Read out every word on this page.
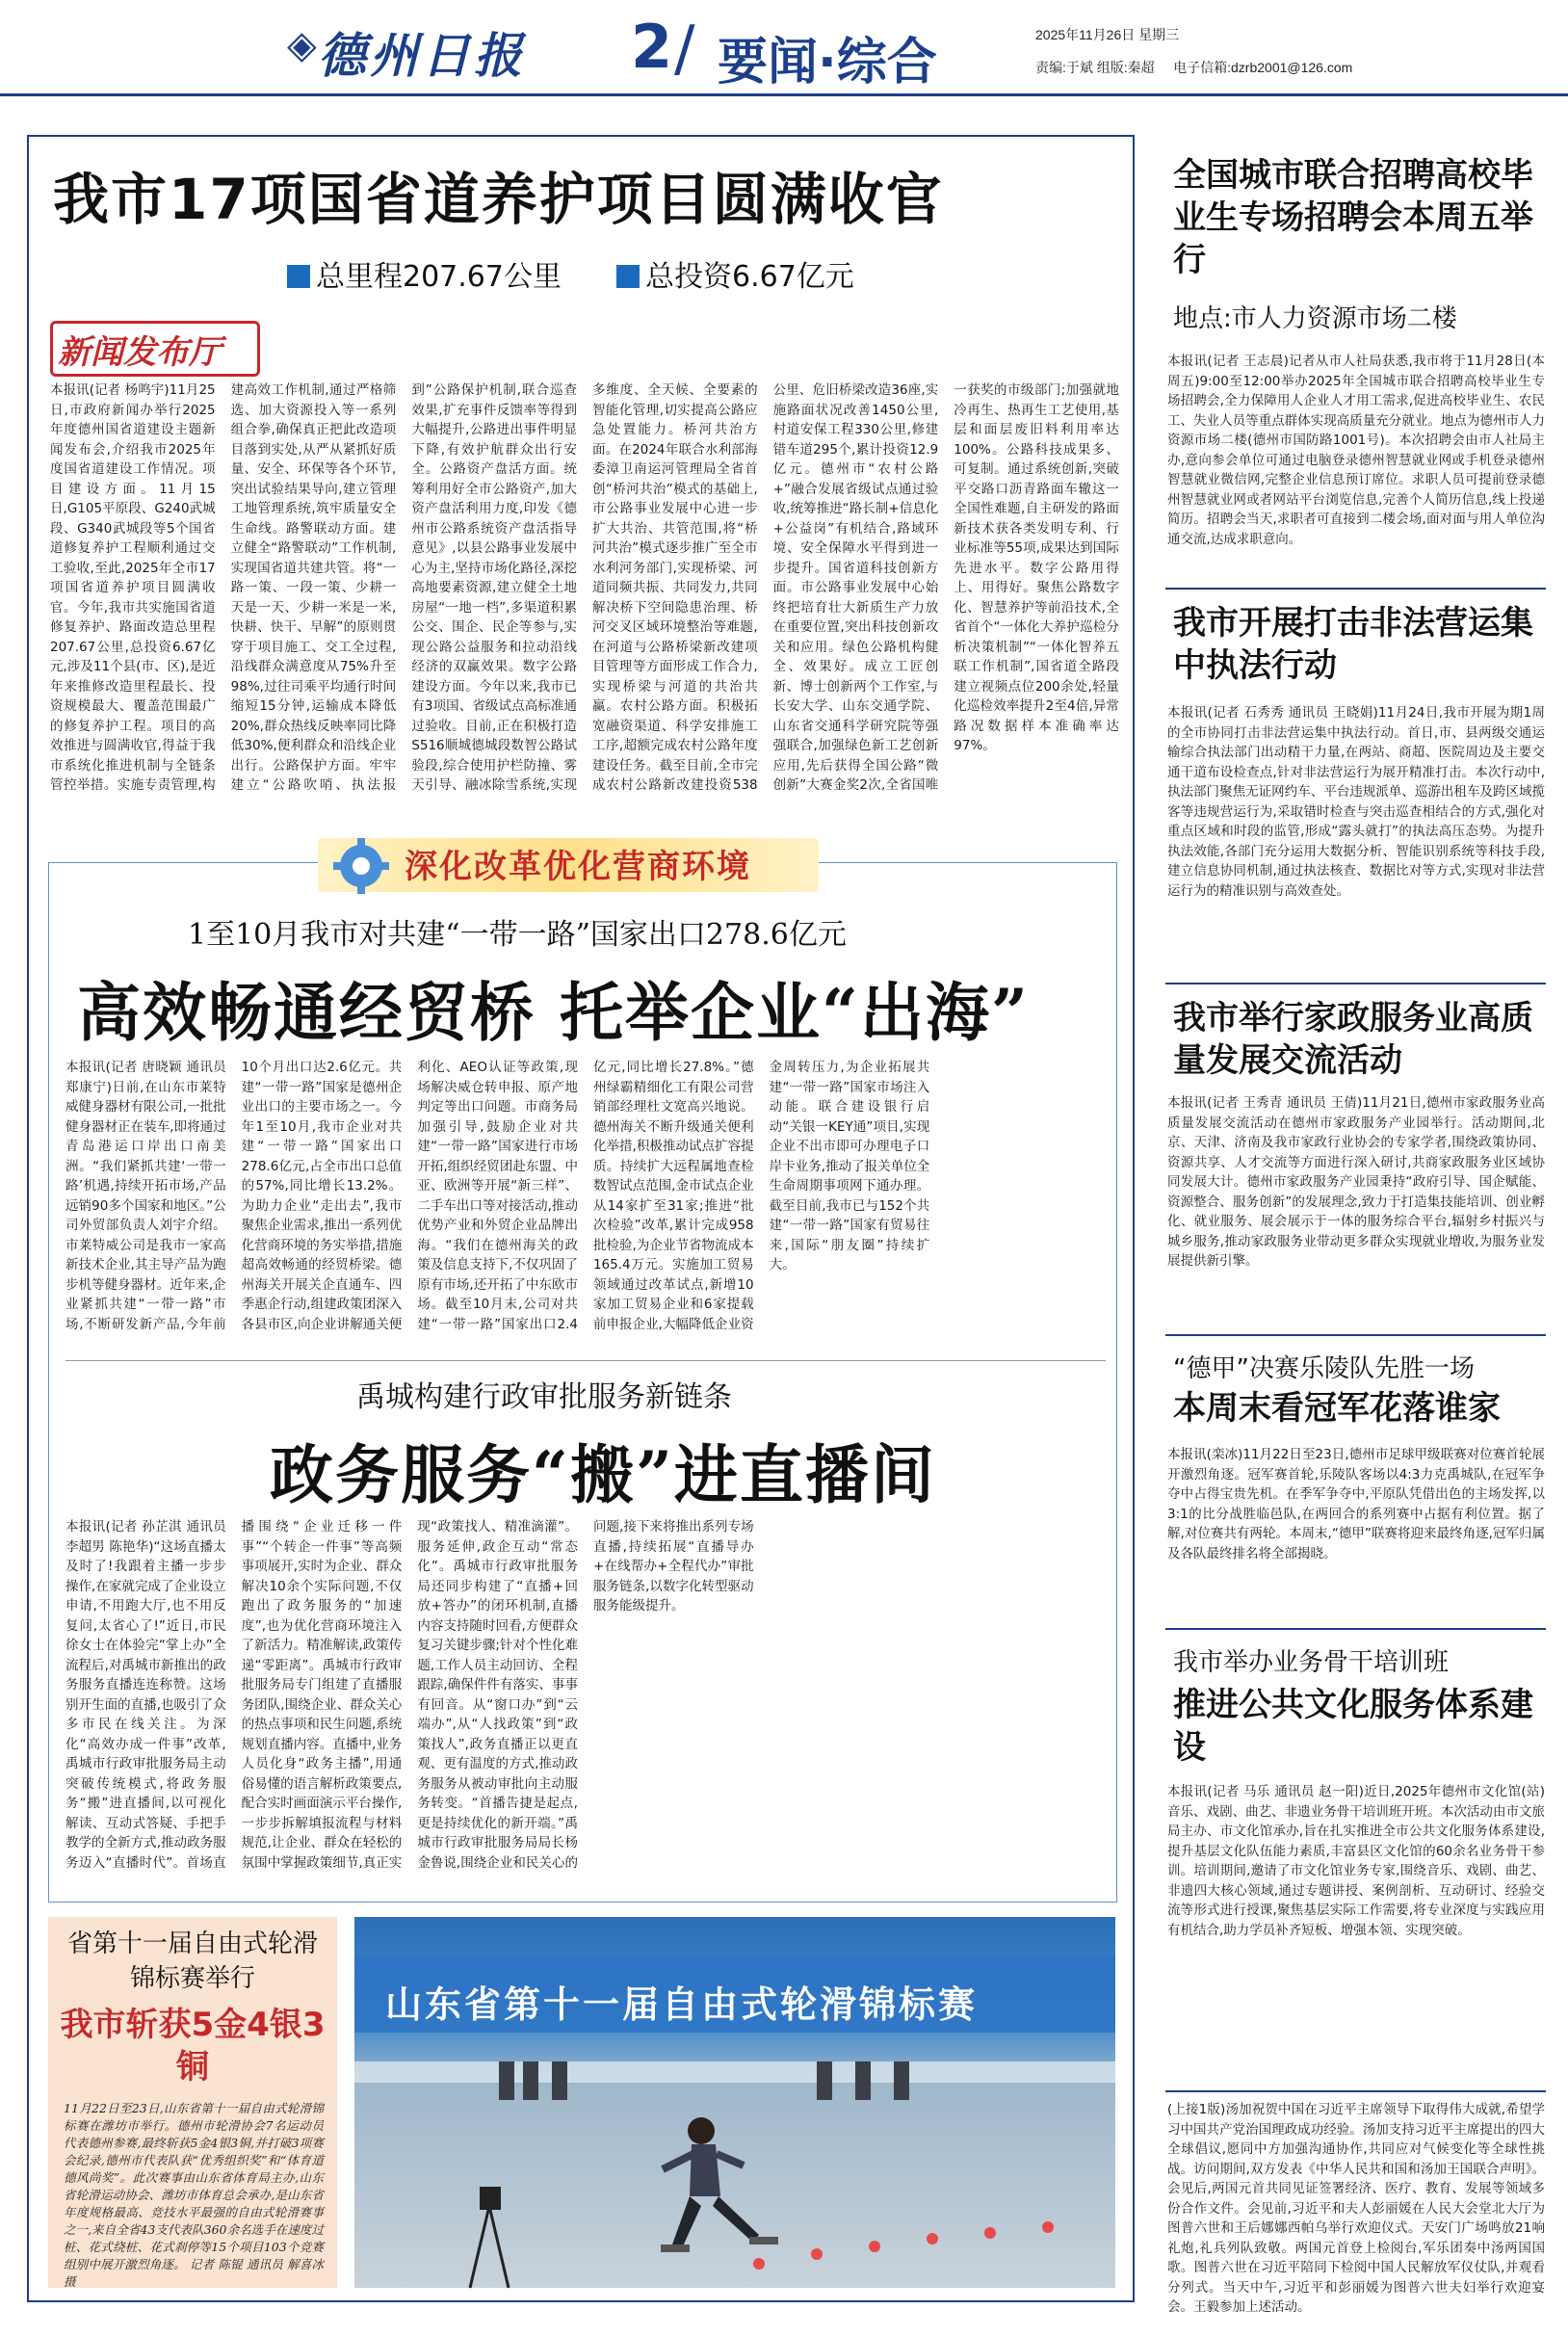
◈ 德州日报 2 / 要闻·综合	2025年11月26日 星期三
责编:于斌 组版:秦超 电子信箱:dzrb2001@126.com
我市17项国省道养护项目圆满收官
总里程207.67公里	总投资6.67亿元
新闻发布厅
本报讯(记者 杨鸣宇)11月25日,市政府新闻办举行2025年度德州国省道建设主题新闻发布会,介绍我市2025年度国省道建设工作情况。项目建设方面。11月15日,G105平原段、G240武城段、G340武城段等5个国省道修复养护工程顺利通过交工验收,至此,2025年全市17项国省道养护项目圆满收官。今年,我市共实施国省道修复养护、路面改造总里程207.67公里,总投资6.67亿元,涉及11个县(市、区),是近年来推修改造里程最长、投资规模最大、覆盖范围最广的修复养护工程。项目的高效推进与圆满收官,得益于我市系统化推进机制与全链条管控举措。实施专责管理,构建高效工作机制,通过严格筛选、加大资源投入等一系列组合拳,确保真正把此改造项目落到实处,从严从紧抓好质量、安全、环保等各个环节,突出试验结果导向,建立管理工地管理系统,筑牢质量安全生命线。路警联动方面。建立健全“路警联动”工作机制,实现国省道共建共管。将“一路一策、一段一策、少耕一天是一天、少耕一米是一米,快耕、快干、早解”的原则贯穿于项目施工、交工全过程,沿线群众满意度从75%升至98%,过往司乘平均通行时间缩短15分钟,运输成本降低20%,群众热线反映率同比降低30%,便利群众和沿线企业出行。公路保护方面。牢牢建立“公路吹哨、执法报到”公路保护机制,联合巡查效果,扩充事件反馈率等得到大幅提升,公路进出事件明显下降,有效护航群众出行安全。公路资产盘活方面。统筹利用好全市公路资产,加大资产盘活利用力度,印发《德州市公路系统资产盘活指导意见》,以县公路事业发展中心为主,坚持市场化路径,深挖高地要素资源,建立健全土地房屋“一地一档”,多渠道积累公交、围企、民企等参与,实现公路公益服务和拉动沿线经济的双赢效果。数字公路建设方面。今年以来,我市已有3项国、省级试点高标准通过验收。目前,正在积极打造S516顺城德城段数智公路试验段,综合使用护栏防撞、雾天引导、融冰除雪系统,实现多维度、全天候、全要素的智能化管理,切实提高公路应急处置能力。桥河共治方面。在2024年联合水利部海委漳卫南运河管理局全省首创“桥河共治”模式的基础上,市公路事业发展中心进一步扩大共治、共管范围,将“桥河共治”模式逐步推广至全市水利河务部门,实现桥梁、河道同频共振、共同发力,共同解决桥下空间隐患治理、桥河交叉区域环境整治等难题,在河道与公路桥梁新改建项目管理等方面形成工作合力,实现桥梁与河道的共治共赢。农村公路方面。积极拓宽融资渠道、科学安排施工工序,超额完成农村公路年度建设任务。截至目前,全市完成农村公路新改建投资538公里、危旧桥梁改造36座,实施路面状况改善1450公里,村道安保工程330公里,修建错车道295个,累计投资12.9亿元。德州市“农村公路+”融合发展省级试点通过验收,统筹推进“路长制+信息化+公益岗”有机结合,路域环境、安全保障水平得到进一步提升。国省道科技创新方面。市公路事业发展中心始终把培育壮大新质生产力放在重要位置,突出科技创新攻关和应用。绿色公路机构健全、效果好。成立工匠创新、博士创新两个工作室,与长安大学、山东交通学院、山东省交通科学研究院等强强联合,加强绿色新工艺创新应用,先后获得全国公路“微创新”大赛金奖2次,全省国唯一获奖的市级部门;加强就地冷再生、热再生工艺使用,基层和面层废旧料利用率达100%。公路科技成果多、可复制。通过系统创新,突破平交路口沥青路面车辙这一全国性难题,自主研发的路面新技术获各类发明专利、行业标准等55项,成果达到国际先进水平。数字公路用得上、用得好。聚焦公路数字化、智慧养护等前沿技术,全省首个“一体化大养护巡检分析决策机制”“一体化智养五联工作机制”,国省道全路段建立视频点位200余处,轻量化巡检效率提升2至4倍,异常路况数据样本准确率达97%。
深化改革优化营商环境
1至10月我市对共建“一带一路”国家出口278.6亿元
高效畅通经贸桥 托举企业“出海”
本报讯(记者 唐晓颖 通讯员 郑康宁)日前,在山东市莱特威健身器材有限公司,一批批健身器材正在装车,即将通过青岛港运口岸出口南美洲。“我们紧抓共建‘一带一路’机遇,持续开拓市场,产品远销90多个国家和地区。”公司外贸部负责人刘宇介绍。市莱特威公司是我市一家高新技术企业,其主导产品为跑步机等健身器材。近年来,企业紧抓共建“一带一路”市场,不断研发新产品,今年前10个月出口达2.6亿元。共建“一带一路”国家是德州企业出口的主要市场之一。今年1至10月,我市企业对共建“一带一路”国家出口278.6亿元,占全市出口总值的57%,同比增长13.2%。为助力企业“走出去”,我市聚焦企业需求,推出一系列优化营商环境的务实举措,措施超高效畅通的经贸桥梁。德州海关开展关企直通车、四季惠企行动,组建政策团深入各县市区,向企业讲解通关便利化、AEO认证等政策,现场解决威仓转申报、原产地判定等出口问题。市商务局加强引导,鼓励企业对共建“一带一路”国家进行市场开拓,组织经贸团赴东盟、中亚、欧洲等开展“新三样”、二手车出口等对接活动,推动优势产业和外贸企业品牌出海。“我们在德州海关的政策及信息支持下,不仅巩固了原有市场,还开拓了中东欧市场。截至10月末,公司对共建“一带一路”国家出口2.4亿元,同比增长27.8%。”德州绿霸精细化工有限公司营销部经理杜文宽高兴地说。德州海关不断升级通关便利化举措,积极推动试点扩容提质。持续扩大远程属地查检数智试点范围,金市试点企业从14家扩至31家;推进“批次检验”改革,累计完成958批检验,为企业节省物流成本165.4万元。实施加工贸易领域通过改革试点,新增10家加工贸易企业和6家提载前申报企业,大幅降低企业资金周转压力,为企业拓展共建“一带一路”国家市场注入动能。联合建设银行启动“关银一KEY通”项目,实现企业不出市即可办理电子口岸卡业务,推动了报关单位全生命周期事项网下通办理。截至目前,我市已与152个共建“一带一路”国家有贸易往来,国际“朋友圈”持续扩大。
禹城构建行政审批服务新链条
政务服务“搬”进直播间
本报讯(记者 孙芷淇 通讯员 李超男 陈艳华)“这场直播太及时了!我跟着主播一步步操作,在家就完成了企业设立申请,不用跑大厅,也不用反复问,太省心了!”近日,市民徐女士在体验完“掌上办”全流程后,对禹城市新推出的政务服务直播连连称赞。这场别开生面的直播,也吸引了众多市民在线关注。为深化“高效办成一件事”改革,禹城市行政审批服务局主动突破传统模式,将政务服务“搬”进直播间,以可视化解读、互动式答疑、手把手教学的全新方式,推动政务服务迈入“直播时代”。首场直播围绕“企业迁移一件事”“个转企一件事”等高频事项展开,实时为企业、群众解决10余个实际问题,不仅跑出了政务服务的“加速度”,也为优化营商环境注入了新活力。精准解读,政策传递“零距离”。禹城市行政审批服务局专门组建了直播服务团队,围绕企业、群众关心的热点事项和民生问题,系统规划直播内容。直播中,业务人员化身“政务主播”,用通俗易懂的语言解析政策要点,配合实时画面演示平台操作,一步步拆解填报流程与材料规范,让企业、群众在轻松的氛围中掌握政策细节,真正实现“政策找人、精准滴灌”。服务延伸,政企互动“常态化”。禹城市行政审批服务局还同步构建了“直播+回放+答办”的闭环机制,直播内容支持随时回看,方便群众复习关键步骤;针对个性化难题,工作人员主动回访、全程跟踪,确保件件有落实、事事有回音。从“窗口办”到“云端办”,从“人找政策”到“政策找人”,政务直播正以更直观、更有温度的方式,推动政务服务从被动审批向主动服务转变。“首播告捷是起点,更是持续优化的新开端。”禹城市行政审批服务局局长杨金鲁说,围绕企业和民关心的问题,接下来将推出系列专场直播,持续拓展“直播导办+在线帮办+全程代办”审批服务链条,以数字化转型驱动服务能级提升。
省第十一届自由式轮滑锦标赛举行
我市斩获5金4银3铜
11月22日至23日,山东省第十一届自由式轮滑锦标赛在潍坊市举行。德州市轮滑协会7名运动员代表德州参赛,最终斩获5金4银3铜,并打破3项赛会纪录,德州市代表队获“优秀组织奖”和“体育道德风尚奖”。此次赛事由山东省体育局主办,山东省轮滑运动协会、潍坊市体育总会承办,是山东省年度规格最高、竞技水平最强的自由式轮滑赛事之一,来自全省43支代表队360余名选手在速度过桩、花式绕桩、花式刹停等15个项目103个竞赛组别中展开激烈角逐。 记者 陈锟 通讯员 解喜冰 摄
山东省第十一届自由式轮滑锦标赛
全国城市联合招聘高校毕业生专场招聘会本周五举行
地点:市人力资源市场二楼
本报讯(记者 王志晨)记者从市人社局获悉,我市将于11月28日(本周五)9:00至12:00举办2025年全国城市联合招聘高校毕业生专场招聘会,全力保障用人企业人才用工需求,促进高校毕业生、农民工、失业人员等重点群体实现高质量充分就业。地点为德州市人力资源市场二楼(德州市国防路1001号)。本次招聘会由市人社局主办,意向参会单位可通过电脑登录德州智慧就业网或手机登录德州智慧就业微信网,完整企业信息预订席位。求职人员可提前登录德州智慧就业网或者网站平台浏览信息,完善个人简历信息,线上投递简历。招聘会当天,求职者可直接到二楼会场,面对面与用人单位沟通交流,达成求职意向。
我市开展打击非法营运集中执法行动
本报讯(记者 石秀秀 通讯员 王晓娟)11月24日,我市开展为期1周的全市协同打击非法营运集中执法行动。首日,市、县两级交通运输综合执法部门出动精干力量,在两站、商超、医院周边及主要交通干道布设检查点,针对非法营运行为展开精准打击。本次行动中,执法部门聚焦无证网约车、平台违规派单、巡游出租车及跨区域揽客等违规营运行为,采取错时检查与突击巡查相结合的方式,强化对重点区域和时段的监管,形成“露头就打”的执法高压态势。为提升执法效能,各部门充分运用大数据分析、智能识别系统等科技手段,建立信息协同机制,通过执法核查、数据比对等方式,实现对非法营运行为的精准识别与高效查处。
我市举行家政服务业高质量发展交流活动
本报讯(记者 王秀青 通讯员 王倩)11月21日,德州市家政服务业高质量发展交流活动在德州市家政服务产业园举行。活动期间,北京、天津、济南及我市家政行业协会的专家学者,围绕政策协同、资源共享、人才交流等方面进行深入研讨,共商家政服务业区域协同发展大计。德州市家政服务产业园秉持“政府引导、国企赋能、资源整合、服务创新”的发展理念,致力于打造集技能培训、创业孵化、就业服务、展会展示于一体的服务综合平台,辐射乡村振兴与城乡服务,推动家政服务业带动更多群众实现就业增收,为服务业发展提供新引擎。
“德甲”决赛乐陵队先胜一场
本周末看冠军花落谁家
本报讯(栾冰)11月22日至23日,德州市足球甲级联赛对位赛首轮展开激烈角逐。冠军赛首轮,乐陵队客场以4:3力克禹城队,在冠军争夺中占得宝贵先机。在季军争夺中,平原队凭借出色的主场发挥,以3:1的比分战胜临邑队,在两回合的系列赛中占据有利位置。据了解,对位赛共有两轮。本周末,“德甲”联赛将迎来最终角逐,冠军归属及各队最终排名将全部揭晓。
我市举办业务骨干培训班
推进公共文化服务体系建设
本报讯(记者 马乐 通讯员 赵一阳)近日,2025年德州市文化馆(站)音乐、戏剧、曲艺、非遗业务骨干培训班开班。本次活动由市文旅局主办、市文化馆承办,旨在扎实推进全市公共文化服务体系建设,提升基层文化队伍能力素质,丰富县区文化馆的60余名业务骨干参训。培训期间,邀请了市文化馆业务专家,围绕音乐、戏剧、曲艺、非遗四大核心领域,通过专题讲授、案例剖析、互动研讨、经验交流等形式进行授课,聚焦基层实际工作需要,将专业深度与实践应用有机结合,助力学员补齐短板、增强本领、实现突破。
(上接1版)汤加祝贺中国在习近平主席领导下取得伟大成就,希望学习中国共产党治国理政成功经验。汤加支持习近平主席提出的四大全球倡议,愿同中方加强沟通协作,共同应对气候变化等全球性挑战。访问期间,双方发表《中华人民共和国和汤加王国联合声明》。会见后,两国元首共同见证签署经济、医疗、教育、发展等领域多份合作文件。会见前,习近平和夫人彭丽媛在人民大会堂北大厅为图普六世和王后娜娜西帕乌举行欢迎仪式。天安门广场鸣放21响礼炮,礼兵列队致敬。两国元首登上检阅台,军乐团奏中汤两国国歌。图普六世在习近平陪同下检阅中国人民解放军仪仗队,并观看分列式。当天中午,习近平和彭丽媛为图普六世夫妇举行欢迎宴会。王毅参加上述活动。
